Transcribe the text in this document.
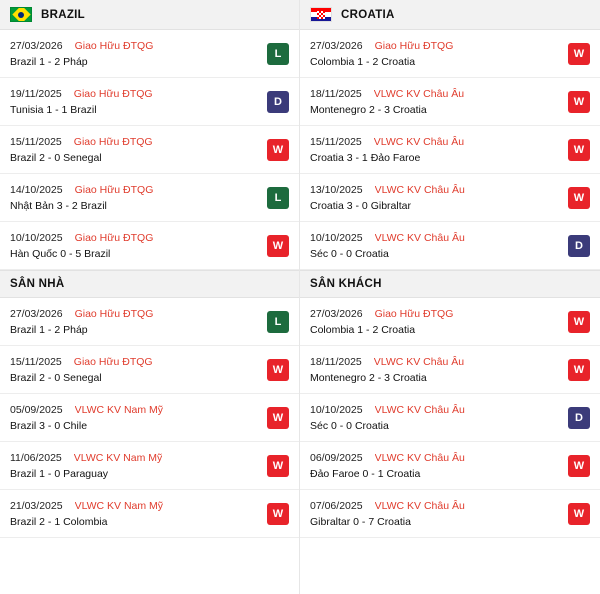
BRAZIL
27/03/2026 Giao Hữu ĐTQG
Brazil 1 - 2 Pháp
L
19/11/2025 Giao Hữu ĐTQG
Tunisia 1 - 1 Brazil
D
15/11/2025 Giao Hữu ĐTQG
Brazil 2 - 0 Senegal
W
14/10/2025 Giao Hữu ĐTQG
Nhật Bản 3 - 2 Brazil
L
10/10/2025 Giao Hữu ĐTQG
Hàn Quốc 0 - 5 Brazil
W
SÂN NHÀ
27/03/2026 Giao Hữu ĐTQG
Brazil 1 - 2 Pháp
L
15/11/2025 Giao Hữu ĐTQG
Brazil 2 - 0 Senegal
W
05/09/2025 VLWC KV Nam Mỹ
Brazil 3 - 0 Chile
W
11/06/2025 VLWC KV Nam Mỹ
Brazil 1 - 0 Paraguay
W
21/03/2025 VLWC KV Nam Mỹ
Brazil 2 - 1 Colombia
W
CROATIA
27/03/2026 Giao Hữu ĐTQG
Colombia 1 - 2 Croatia
W
18/11/2025 VLWC KV Châu Âu
Montenegro 2 - 3 Croatia
W
15/11/2025 VLWC KV Châu Âu
Croatia 3 - 1 Đảo Faroe
W
13/10/2025 VLWC KV Châu Âu
Croatia 3 - 0 Gibraltar
W
10/10/2025 VLWC KV Châu Âu
Séc 0 - 0 Croatia
D
SÂN KHÁCH
27/03/2026 Giao Hữu ĐTQG
Colombia 1 - 2 Croatia
W
18/11/2025 VLWC KV Châu Âu
Montenegro 2 - 3 Croatia
W
10/10/2025 VLWC KV Châu Âu
Séc 0 - 0 Croatia
D
06/09/2025 VLWC KV Châu Âu
Đảo Faroe 0 - 1 Croatia
W
07/06/2025 VLWC KV Châu Âu
Gibraltar 0 - 7 Croatia
W
